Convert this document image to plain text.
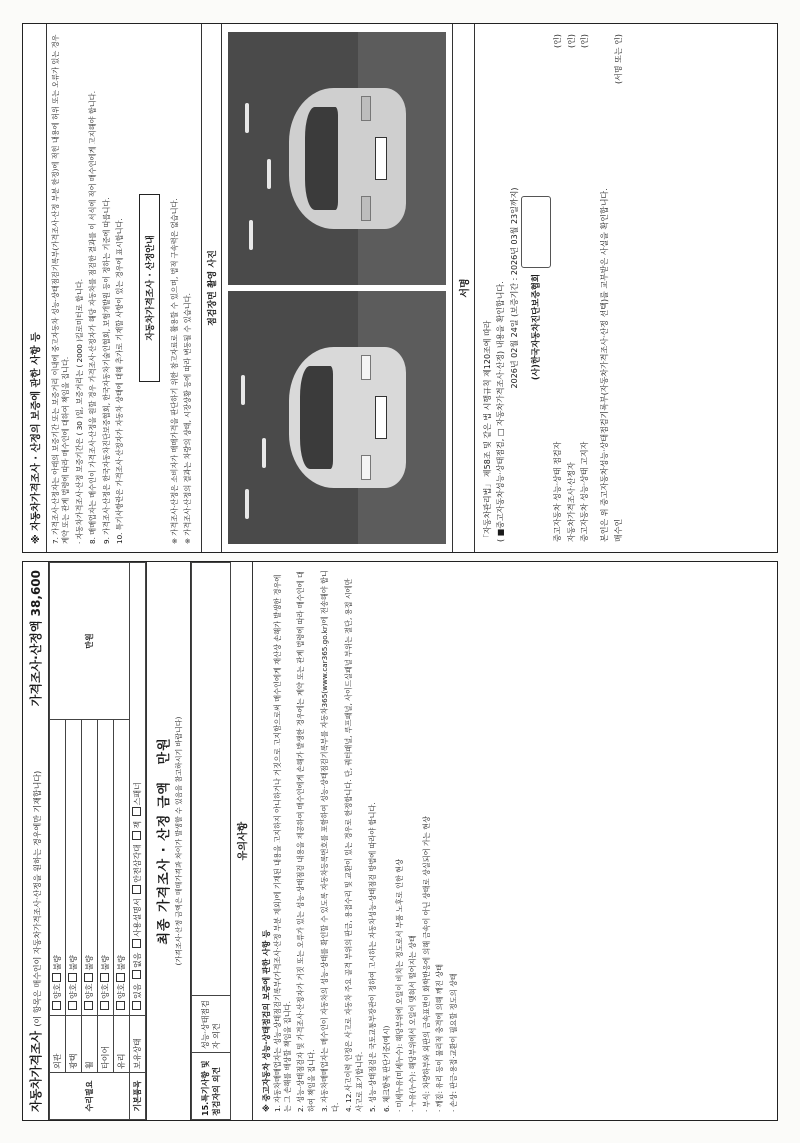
자동차가격조사 (이 항목은 매수인이 자동차가격조사·산정을 원하는 경우에만 기재합니다)
가격조사·산정액 38,600
수리필요	외관	양호불량	만원
	광택	양호불량	
	휠	양호불량	
	타이어	양호불량	
	유리	양호불량	
기본품목	보유상태	있음 없음 사용설명서 안전삼각대 잭 스패너		최종 가격조사 · 산정 금액   만원 (가격조사·산정 금액은 매매가격과 차이가 발생할 수 있음을 참고하시기 바랍니다)
15.특기사항 및 점검자의 의견	성능·상태점검자 의견	
유의사항
※ 중고자동차 성능·상태점검의 보증에 관한 사항 등 1. 자동차매매업자는 성능·상태점검기록부(가격조사·산정 부분 제외)에 기재된 내용을 고지하지 아니하거나 거짓으로 고지함으로써 매수인에게 재산상 손해가 발생한 경우에는 그 손해를 배상할 책임을 집니다. 2. 성능·상태점검자 및 가격조사·산정자가 거짓 또는 오류가 있는 성능·상태점검 내용을 제공하여 매수인에게 손해가 발생한 경우에는 계약 또는 관계 법령에 따라 매수인에 대하여 책임을 집니다. 3. 자동차매매업자는 매수인이 자동차의 성능·상태를 확인할 수 있도록 자동차등록번호를 포함하여 성능·상태점검기록부를 자동차365(www.car365.go.kr)에 전송해야 합니다. 4. 12.사고이력 인정은 사고로 자동차 주요 골격 부위의 판금, 용접수리 및 교환이 있는 경우로 한정합니다. 단, 쿼터패널, 루프패널, 사이드실패널 부위는 절단, 용접 시에만 사고로 표기합니다. 5. 성능·상태점검은 국토교통부장관이 정하여 고시하는 자동차성능·상태점검 방법에 따라야 합니다. 6. 체크항목 판단기준(예시) · 미세누유(미세누수): 해당부위에 오일이 비치는 정도로서 부품 노후로 인한 현상 · 누유(누수): 해당부위에서 오일이 맺혀서 떨어지는 상태 · 부식: 차량하부와 외판의 금속표면이 화학반응에 의해 금속이 아닌 상태로 상실되어 가는 현상 · 깨짐: 유리 등이 물리적 충격에 의해 깨진 상태 · 손상: 판금·용접·교환이 필요할 정도의 상태

※ 자동차가격조사 · 산정의 보증에 관한 사항 등	7. 가격조사·산정자는 아래의 보증기간 또는 보증거리 이내에 중고자동차 성능·상태점검기록부(가격조사·산정 부분 한정)에 적힌 내용에 허위 또는 오류가 있는 경우 계약 또는 관계 법령에 따라 매수인에 대하여 책임을 집니다. · 자동차가격조사·산정 보증기간은 ( 30 )일, 보증거리는 ( 2000 )킬로미터로 합니다. 8. 매매업자는 매수인이 가격조사·산정을 원할 경우 가격조사·산정자가 해당 자동차를 점검한 결과를 이 서식에 적어 매수인에게 고지해야 합니다. 9. 가격조사·산정은 한국자동차진단보증협회, 한국자동차기술인협회, 보험개발원 등이 정하는 기준에 따릅니다. 10. 특기사항란은 가격조사·산정자가 자동차 상태에 대해 추가로 기재할 사항이 있는 경우에 표시합니다.	자동차가격조사 · 산정안내	※ 가격조사·산정은 소비자가 매매가격을 판단하기 위한 참고자료로 활용할 수 있으며, 법적 구속력은 없습니다. ※ 가격조사·산정의 결과는 차량의 상태, 시장상황 등에 따라 변동될 수 있습니다.

점검장면 촬영 사진	서명
「자동차관리법」 제58조 및 같은 법 시행규칙 제120조에 따라 ( ■중고자동차성능·상태점검, □ 자동차가격조사·산정) 내용을 확인합니다. 2026년 02월 24일 (보증기간 : 2026년 03월 23일까지)	(사)한국자동차진단보증협회
중고자동차 성능·상태 점검자
(인)
자동차가격조사·산정자
(인)
중고자동차 성능·상태 고지자
(인)
본인은 위 중고자동차성능·상태점검기록부(자동차가격조사·산정 선택)를 교부받은 사실을 확인합니다. 매수인
(서명 또는 인)
